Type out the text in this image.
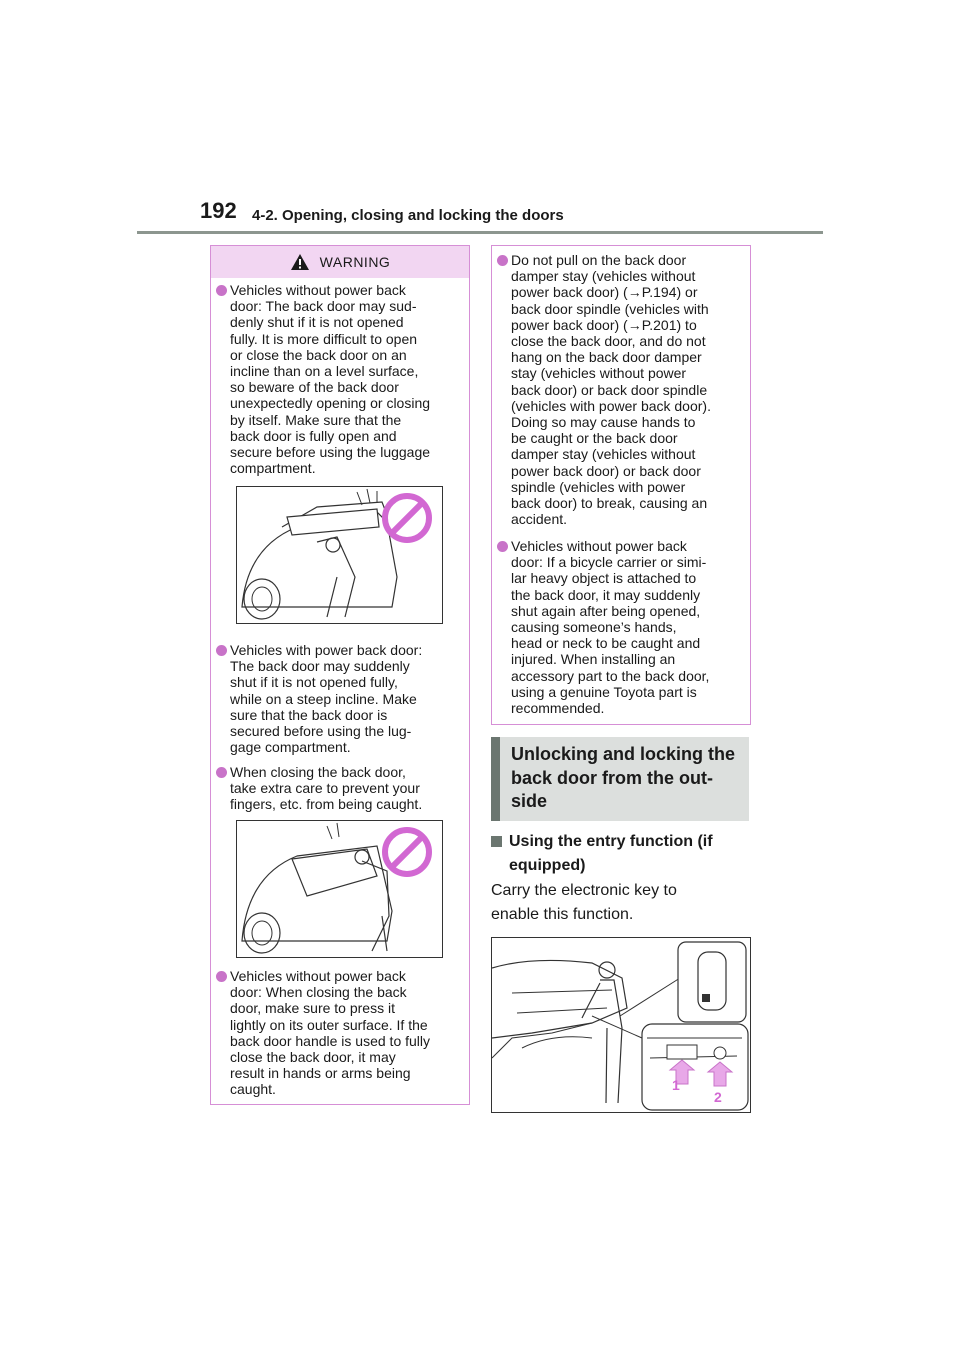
192 4-2. Opening, closing and locking the doors
WARNING
Vehicles without power back
door: The back door may sud-
denly shut if it is not opened
fully. It is more difficult to open
or close the back door on an
incline than on a level surface,
so beware of the back door
unexpectedly opening or closing
by itself. Make sure that the
back door is fully open and
secure before using the luggage
compartment.
Vehicles with power back door:
The back door may suddenly
shut if it is not opened fully,
while on a steep incline. Make
sure that the back door is
secured before using the lug-
gage compartment.
When closing the back door,
take extra care to prevent your
fingers, etc. from being caught.
Vehicles without power back
door: When closing the back
door, make sure to press it
lightly on its outer surface. If the
back door handle is used to fully
close the back door, it may
result in hands or arms being
caught.
Do not pull on the back door
damper stay (vehicles without
power back door) (→P.194) or
back door spindle (vehicles with
power back door) (→P.201) to
close the back door, and do not
hang on the back door damper
stay (vehicles without power
back door) or back door spindle
(vehicles with power back door).
Doing so may cause hands to
be caught or the back door
damper stay (vehicles without
power back door) or back door
spindle (vehicles with power
back door) to break, causing an
accident.
Vehicles without power back
door: If a bicycle carrier or simi-
lar heavy object is attached to
the back door, it may suddenly
shut again after being opened,
causing someone’s hands,
head or neck to be caught and
injured. When installing an
accessory part to the back door,
using a genuine Toyota part is
recommended.
Unlocking and locking the
back door from the out-
side
Using the entry function (if
equipped)
Carry the electronic key to
enable this function.
1
2
